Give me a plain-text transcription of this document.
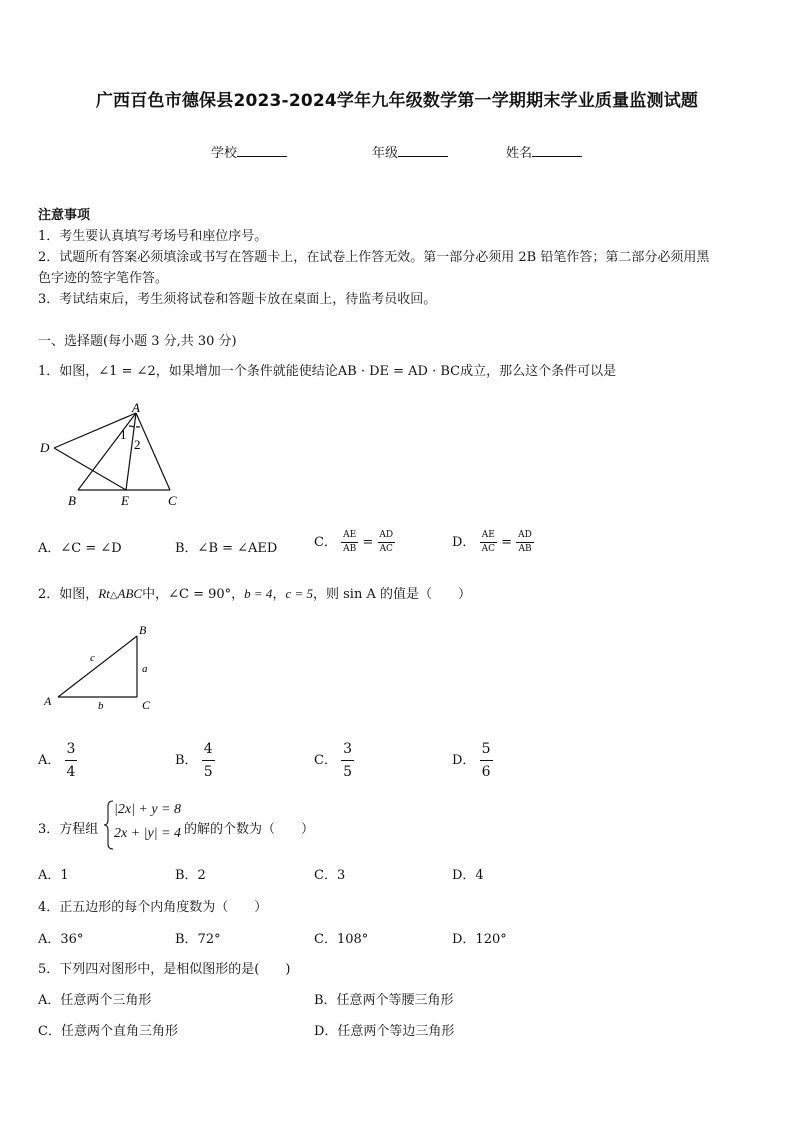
广西百色市德保县2023-2024学年九年级数学第一学期期末学业质量监测试题
学校	年级	姓名
注意事项
1．考生要认真填写考场号和座位序号。
2．试题所有答案必须填涂或书写在答题卡上，在试卷上作答无效。第一部分必须用 2B 铅笔作答；第二部分必须用黑
色字迹的签字笔作答。
3．考试结束后，考生须将试卷和答题卡放在桌面上，待监考员收回。
一、选择题(每小题 3 分,共 30 分)
1．如图，∠1 = ∠2，如果增加一个条件就能使结论AB · DE = AD · BC成立，那么这个条件可以是
A
D
B	E	C
1
2
A．∠C = ∠D	B．∠B = ∠AED	C． $\frac{AE}{AB} = \frac{AD}{AC}$	D． $\frac{AE}{AC} = \frac{AD}{AB}$
2．如图，Rt△ABC中，∠C = 90°，b = 4，c = 5，则 sin A 的值是（　　）
A
B
C
a
b
c
A． $\frac{3}{4}$	B． $\frac{4}{5}$	C． $\frac{3}{5}$	D． $\frac{5}{6}$
3．方程组
|2x| + y = 8
2x + |y| = 4 的解的个数为（　　）
A．1	B．2	C．3	D．4
4．正五边形的每个内角度数为（　　）
A．36°	B．72°	C．108°	D．120°
5．下列四对图形中，是相似图形的是(　　)
A．任意两个三角形	B．任意两个等腰三角形
C．任意两个直角三角形	D．任意两个等边三角形
